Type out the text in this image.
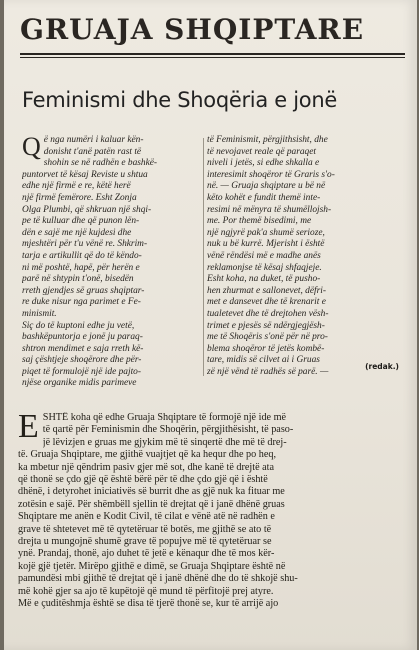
GRUAJA SHQIPTARE
Feminismi dhe Shoqëria e jonë
Q ë nga numëri i kaluar kën-
donisht t'anë patën rast të
shohin se në radhën e bashkë-
puntorvet të kësaj Reviste u shtua
edhe një firmë e re, këtë herë
një firmë femërore. Esht Zonja
Olga Plumbi, që shkruan një shqi-
pe të kulluar dhe që punon lën-
dën e sajë me një kujdesi dhe
mjeshtëri për t'u vënë re. Shkrim-
tarja e artikullit që do të këndo-
ni më poshtë, hapë, për herën e
parë në shtypin t'onë, bisedën
rreth gjendjes së gruas shqiptar-
re duke nisur nga parimet e Fe-
minismit.
Siç do të kuptoni edhe ju vetë,
bashkëpuntorja e jonë ju paraq-
shtron mendimet e saja rreth kë-
saj çështjeje shoqërore dhe për-
piqet të formulojë një ide pajto-
njëse organike midis parimeve
të Feminismit, përgjithsisht, dhe
të nevojavet reale që paraqet
niveli i jetës, si edhe shkalla e
interesimit shoqëror të Graris s'o-
në. — Gruaja shqiptare u bë në
këto kohët e fundit themë inte-
resimi në mënyra të shumëllojsh-
me. Por themë bisedimi, me
një ngjyrë pak'a shumë serioze,
nuk u bë kurrë. Mjerisht i është
vënë rëndësi më e madhe anës
reklamonjse të kësaj shfaqjeje.
Esht koha, na duket, të pusho-
hen zhurmat e sallonevet, dëfri-
met e dansevet dhe të krenarit e
tualetevet dhe të drejtohen vësh-
trimet e pjesës së ndërgjegjësh-
me të Shoqëris s'onë për në pro-
blema shoqëror të jetës kombë-
tare, midis së cilvet ai i Gruas
zë një vënd të radhës së parë. —
(redak.)
E SHTË koha që edhe Gruaja Shqiptare të formojë një ide më
të qartë për Feminismin dhe Shoqërin, përgjithësisht, të paso-
jë lëvizjen e gruas me gjykim më të sinqertë dhe më të drej-
të. Gruaja Shqiptare, me gjithë vuajtjet që ka hequr dhe po heq,
ka mbetur një qëndrim pasiv gjer më sot, dhe kanë të drejtë ata
që thonë se çdo gjë që është bërë për të dhe çdo gjë që i është
dhënë, i detyrohet iniciativës së burrit dhe as gjë nuk ka fituar me
zotësin e sajë. Për shëmbëll sjellin të drejtat që i janë dhënë gruas
Shqiptare me anën e Kodit Civil, të cilat e vënë atë në radhën e
grave të shtetevet më të qytetëruar të botës, me gjithë se ato të
drejta u mungojnë shumë grave të popujve më të qytetëruar se
ynë. Prandaj, thonë, ajo duhet të jetë e kënaqur dhe të mos kër-
kojë gjë tjetër. Mirëpo gjithë e dimë, se Gruaja Shqiptare është në
pamundësi mbi gjithë të drejtat që i janë dhënë dhe do të shkojë shu-
më kohë gjer sa ajo të kupëtojë që mund të përfitojë prej atyre.
Më e çuditëshmja është se disa të tjerë thonë se, kur të arrijë ajo
